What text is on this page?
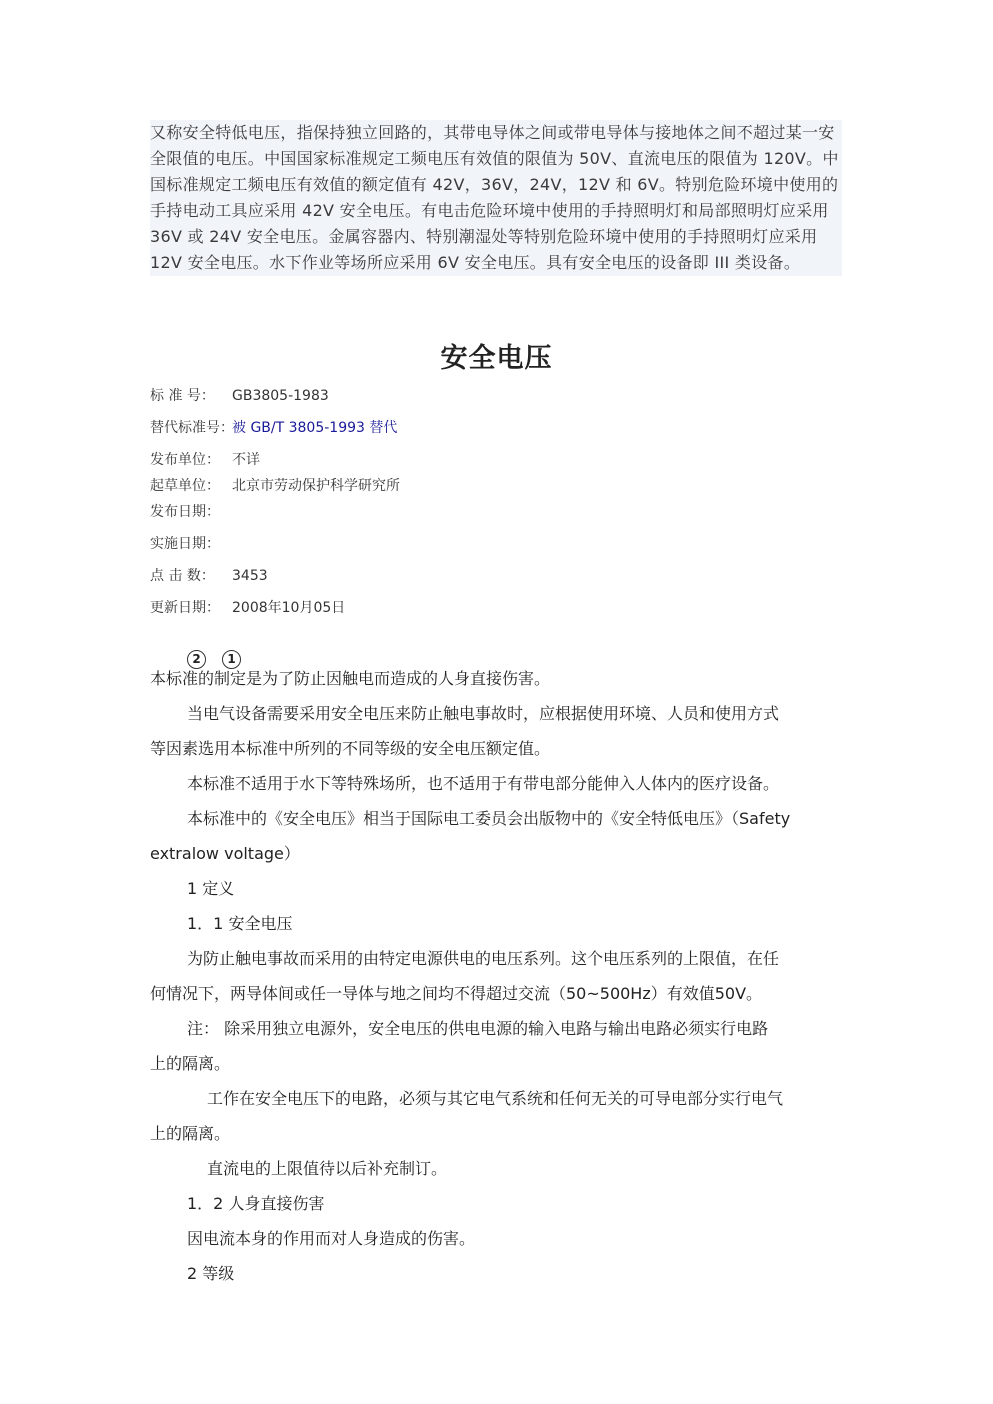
又称安全特低电压，指保持独立回路的，其带电导体之间或带电导体与接地体之间不超过某一安全限值的电压。中国国家标准规定工频电压有效值的限值为 50V、直流电压的限值为 120V。中国标准规定工频电压有效值的额定值有 42V，36V，24V，12V 和 6V。特别危险环境中使用的手持电动工具应采用 42V 安全电压。有电击危险环境中使用的手持照明灯和局部照明灯应采用 36V 或 24V 安全电压。金属容器内、特别潮湿处等特别危险环境中使用的手持照明灯应采用 12V 安全电压。水下作业等场所应采用 6V 安全电压。具有安全电压的设备即 III 类设备。

安全电压
标 准 号： GB3805-1983
替代标准号：被 GB/T 3805-1993 替代
发布单位： 不详
起草单位： 北京市劳动保护科学研究所
发布日期：
实施日期：
点 击 数： 3453
更新日期： 2008年10月05日
2	1
本标准的制定是为了防止因触电而造成的人身直接伤害。
当电气设备需要采用安全电压来防止触电事故时，应根据使用环境、人员和使用方式
等因素选用本标准中所列的不同等级的安全电压额定值。
本标准不适用于水下等特殊场所，也不适用于有带电部分能伸入人体内的医疗设备。
本标准中的《安全电压》相当于国际电工委员会出版物中的《安全特低电压》（Safety
extralow voltage）
1 定义
1．1 安全电压
为防止触电事故而采用的由特定电源供电的电压系列。这个电压系列的上限值，在任
何情况下，两导体间或任一导体与地之间均不得超过交流（50~500Hz）有效值50V。
注： 除采用独立电源外，安全电压的供电电源的输入电路与输出电路必须实行电路
上的隔离。
工作在安全电压下的电路，必须与其它电气系统和任何无关的可导电部分实行电气
上的隔离。
直流电的上限值待以后补充制订。
1．2 人身直接伤害
因电流本身的作用而对人身造成的伤害。
2 等级
